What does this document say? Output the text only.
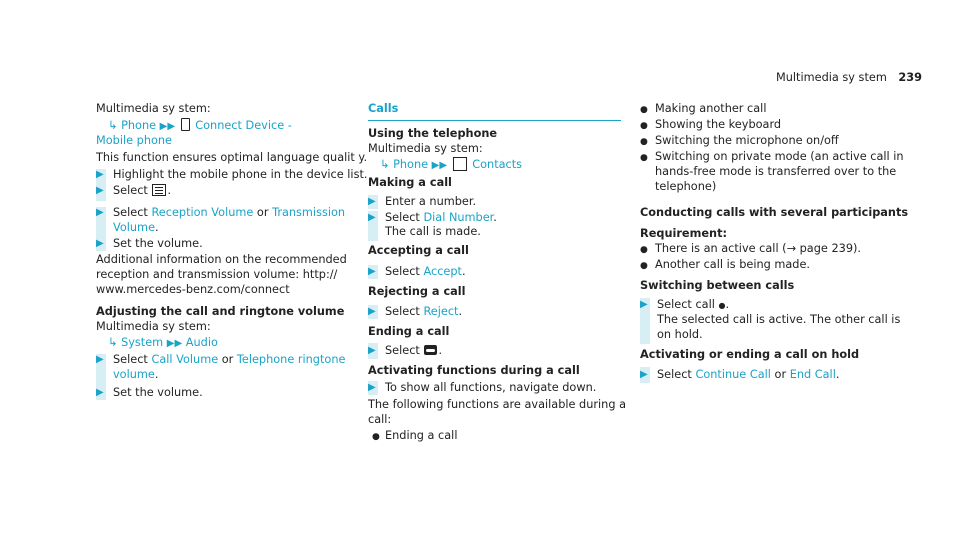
Multimedia sy stem 239
Multimedia sy stem:
↳ Phone ▶▶ Connect Device -
Mobile phone
This function ensures optimal language qualit y.
▶ Highlight the mobile phone in the device list.
▶ Select .
▶ Select Reception Volume or Transmission
Volume.
▶ Set the volume.
Additional information on the recommended
reception and transmission volume: http://
www.mercedes-benz.com/connect
Adjusting the call and ringtone volume
Multimedia sy stem:
↳ System ▶▶ Audio
▶ Select Call Volume or Telephone ringtone
volume.
▶ Set the volume.
Calls
Using the telephone
Multimedia sy stem:
↳ Phone ▶▶ Contacts
Making a call
▶ Enter a number.
▶ Select Dial Number.
The call is made.
Accepting a call
▶ Select Accept.
Rejecting a call
▶ Select Reject.
Ending a call
▶ Select .
Activating functions during a call
▶ To show all functions, navigate down.
The following functions are available during a
call:
● Ending a call
● Making another call
● Showing the keyboard
● Switching the microphone on/off
● Switching on private mode (an active call in
hands-free mode is transferred over to the
telephone)
Conducting calls with several participants
Requirement:
● There is an active call (→ page 239).
● Another call is being made.
Switching between calls
▶ Select call ●.
The selected call is active. The other call is
on hold.
Activating or ending a call on hold
▶ Select Continue Call or End Call.
